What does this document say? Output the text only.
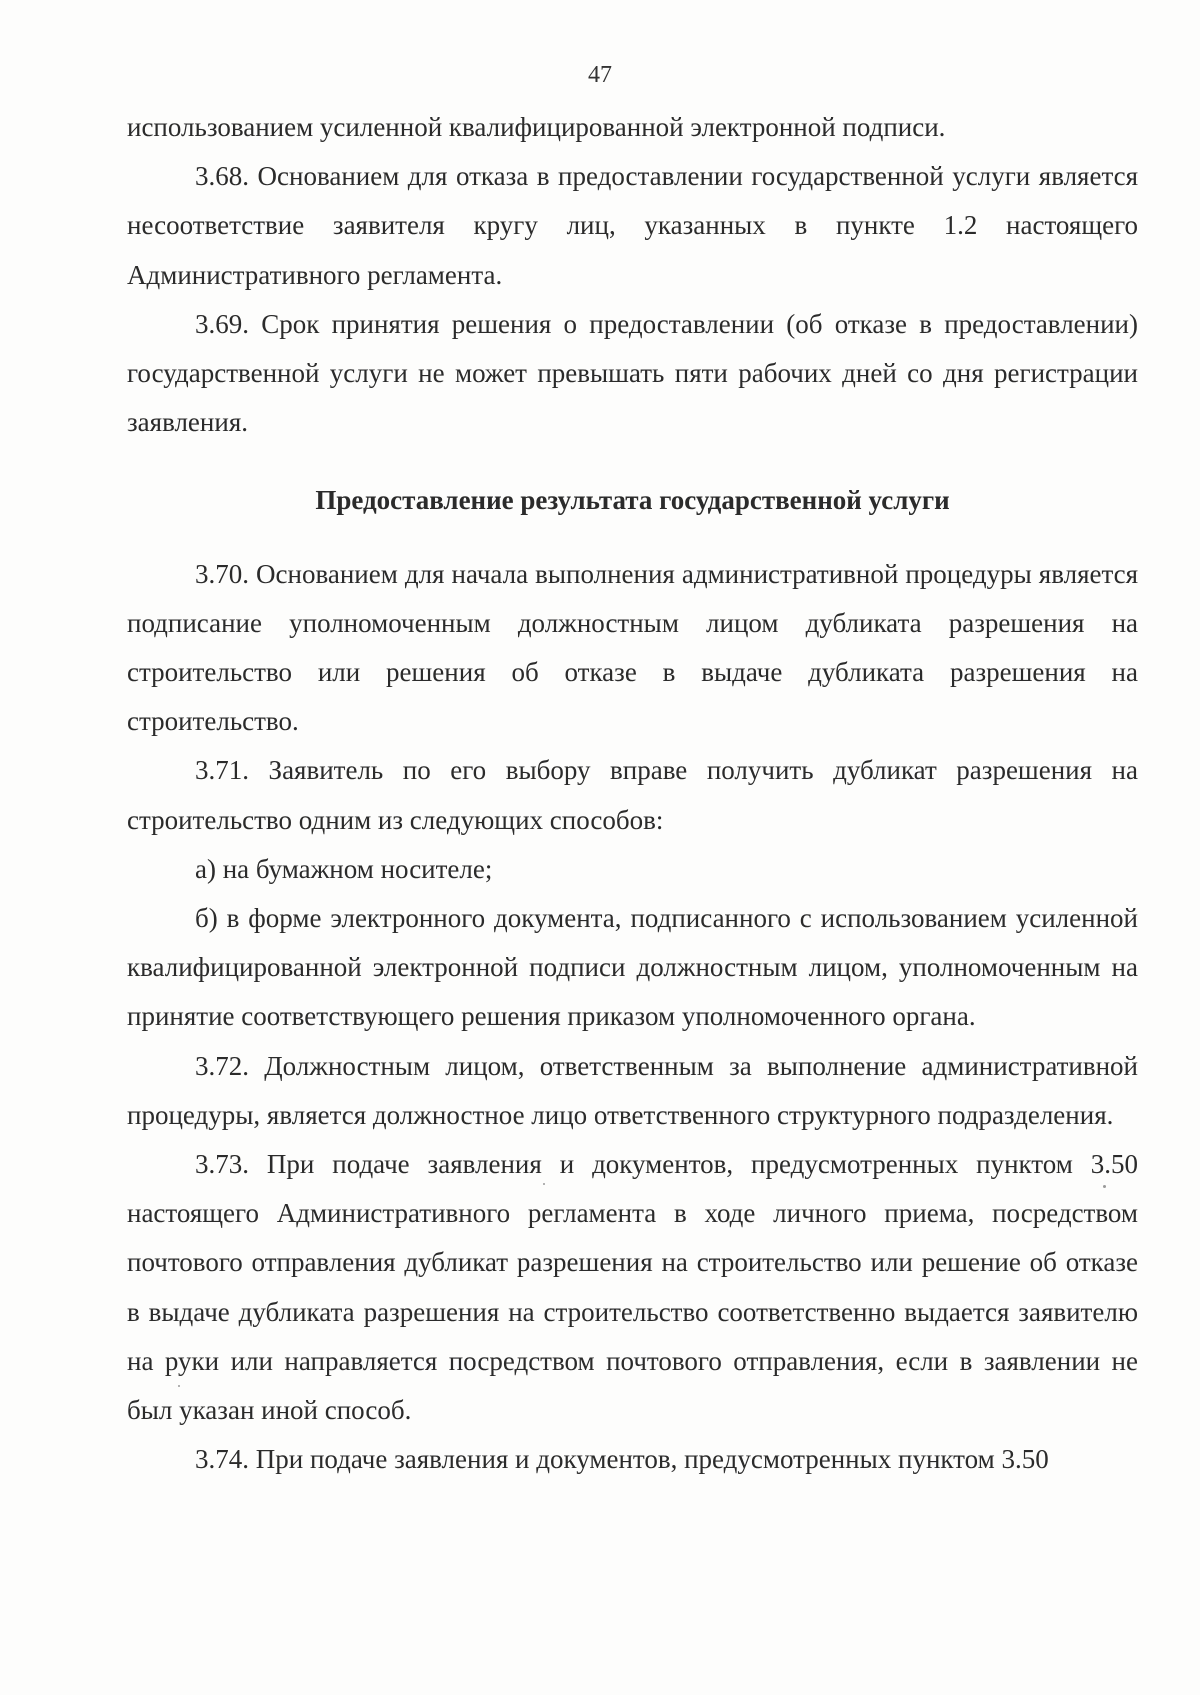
47

использованием усиленной квалифицированной электронной подписи.

3.68. Основанием для отказа в предоставлении государственной услуги является несоответствие заявителя кругу лиц, указанных в пункте 1.2 настоящего Административного регламента.

3.69. Срок принятия решения о предоставлении (об отказе в предоставлении) государственной услуги не может превышать пяти рабочих дней со дня регистрации заявления.

Предоставление результата государственной услуги

3.70. Основанием для начала выполнения административной процедуры является подписание уполномоченным должностным лицом дубликата разрешения на строительство или решения об отказе в выдаче дубликата разрешения на строительство.

3.71. Заявитель по его выбору вправе получить дубликат разрешения на строительство одним из следующих способов:

а) на бумажном носителе;

б) в форме электронного документа, подписанного с использованием усиленной квалифицированной электронной подписи должностным лицом, уполномоченным на принятие соответствующего решения приказом уполномоченного органа.

3.72. Должностным лицом, ответственным за выполнение административной процедуры, является должностное лицо ответственного структурного подразделения.

3.73. При подаче заявления и документов, предусмотренных пунктом 3.50 настоящего Административного регламента в ходе личного приема, посредством почтового отправления дубликат разрешения на строительство или решение об отказе в выдаче дубликата разрешения на строительство соответственно выдается заявителю на руки или направляется посредством почтового отправления, если в заявлении не был указан иной способ.

3.74. При подаче заявления и документов, предусмотренных пунктом 3.50
